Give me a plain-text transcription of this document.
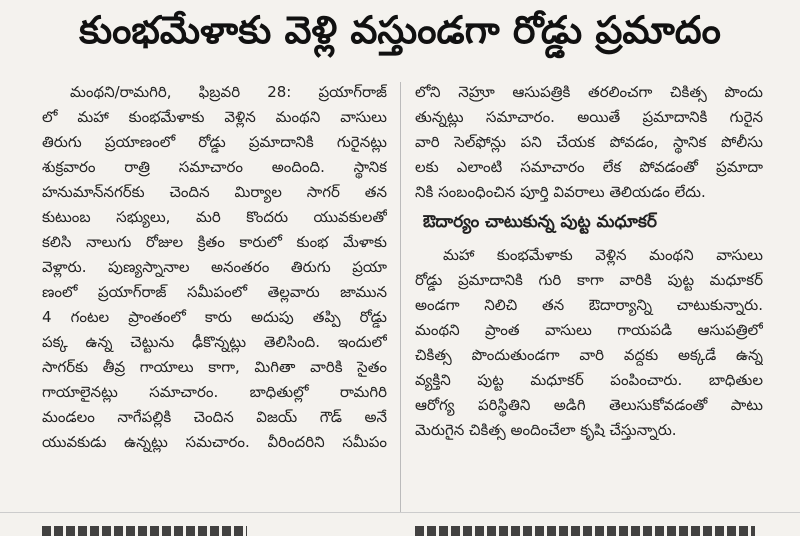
కుంభమేళాకు వెళ్లి వస్తుండగా రోడ్డు ప్రమాదం
మంథని/రామగిరి, ఫిబ్రవరి 28: ప్రయాగ్‌రాజ్
లో మహా కుంభమేళాకు వెళ్లిన మంథని వాసులు
తిరుగు ప్రయాణంలో రోడ్డు ప్రమాదానికి గురైనట్లు
శుక్రవారం రాత్రి సమాచారం అందింది. స్థానిక
హనుమాన్‌నగర్‌కు చెందిన మిర్యాల సాగర్ తన
కుటుంబ సభ్యులు, మరి కొందరు యువకులతో
కలిసి నాలుగు రోజుల క్రితం కారులో కుంభ మేళాకు
వెళ్లారు. పుణ్యస్నానాల అనంతరం తిరుగు ప్రయా
ణంలో ప్రయాగ్‌రాజ్ సమీపంలో తెల్లవారు జామున
4 గంటల ప్రాంతంలో కారు అదుపు తప్పి రోడ్డు
పక్క ఉన్న చెట్టును ఢీకొన్నట్లు తెలిసింది. ఇందులో
సాగర్‌కు తీవ్ర గాయాలు కాగా, మిగితా వారికి సైతం
గాయాలైనట్లు సమాచారం. బాధితుల్లో రామగిరి
మండలం నాగేపల్లికి చెందిన విజయ్ గౌడ్ అనే
యువకుడు ఉన్నట్లు సమచారం. వీరిందరిని సమీపం
లోని నెహ్రూ ఆసుపత్రికి తరలించగా చికిత్స పొందు
తున్నట్లు సమాచారం. అయితే ప్రమాదానికి గురైన
వారి సెల్‌ఫోన్లు పని చేయక పోవడం, స్థానిక పోలీసు
లకు ఎలాంటి సమాచారం లేక పోవడంతో ప్రమాదా
నికి సంబంధించిన పూర్తి వివరాలు తెలియడం లేదు.
ఔదార్యం చాటుకున్న పుట్ట మధూకర్
మహా కుంభమేళాకు వెళ్లిన మంథని వాసులు
రోడ్డు ప్రమాదానికి గురి కాగా వారికి పుట్ట మధూకర్
అండగా నిలిచి తన ఔదార్యాన్ని చాటుకున్నారు.
మంథని ప్రాంత వాసులు గాయపడి ఆసుపత్రిలో
చికిత్స పొందుతుండగా వారి వద్దకు అక్కడే ఉన్న
వ్యక్తిని పుట్ట మధూకర్ పంపించారు. బాధితుల
ఆరోగ్య పరిస్థితిని అడిగి తెలుసుకోవడంతో పాటు
మెరుగైన చికిత్స అందించేలా కృషి చేస్తున్నారు.
